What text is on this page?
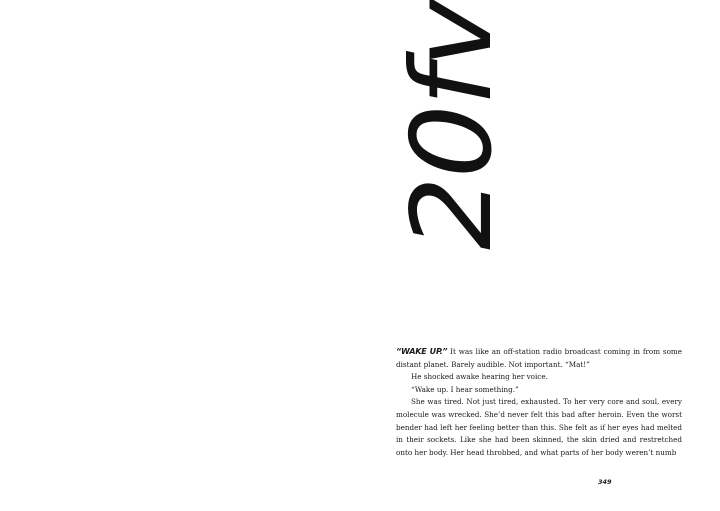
20fv

“WAKE UP.” It was like an off-station radio broadcast coming in from some distant planet. Barely audible. Not important. “Mat!”

He shocked awake hearing her voice.

“Wake up. I hear something.”

She was tired. Not just tired, exhausted. To her very core and soul, every molecule was wrecked. She’d never felt this bad after heroin. Even the worst bender had left her feeling better than this. She felt as if her eyes had melted in their sockets. Like she had been skinned, the skin dried and restretched onto her body. Her head throbbed, and what parts of her body weren’t numb

349
